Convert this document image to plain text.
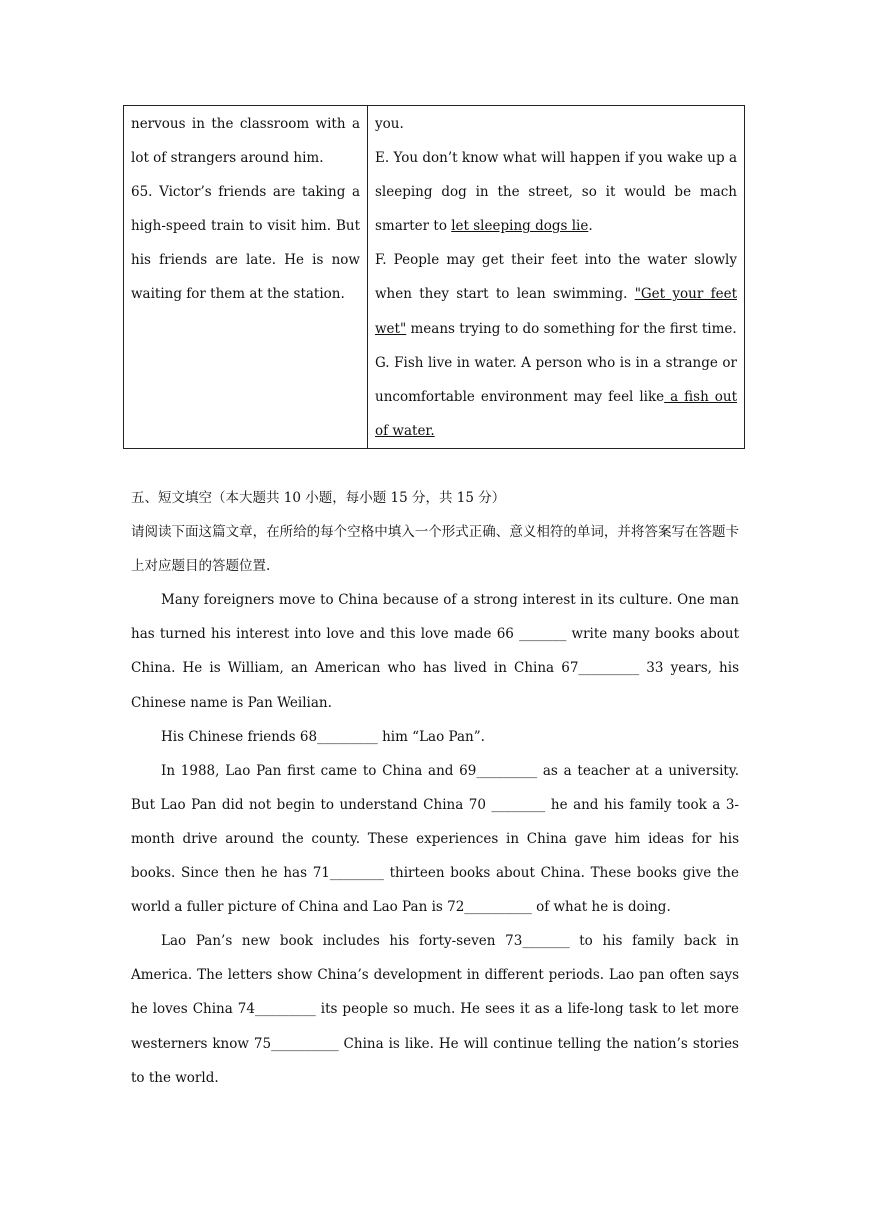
nervous in the classroom with a lot of strangers around him.
65. Victor’s friends are taking a high-speed train to visit him. But his friends are late. He is now waiting for them at the station.

you.
E. You don’t know what will happen if you wake up a sleeping dog in the street, so it would be mach smarter to let sleeping dogs lie.
F. People may get their feet into the water slowly when they start to lean swimming. "Get your feet wet" means trying to do something for the first time.
G. Fish live in water. A person who is in a strange or uncomfortable environment may feel like a fish out of water.

五、短文填空（本大题共 10 小题，每小题 15 分，共 15 分）

请阅读下面这篇文章，在所给的每个空格中填入一个形式正确、意义相符的单词，并将答案写在答题卡上对应题目的答题位置.

Many foreigners move to China because of a strong interest in its culture. One man has turned his interest into love and this love made 66 _______ write many books about China. He is William, an American who has lived in China 67_________ 33 years, his Chinese name is Pan Weilian.

His Chinese friends 68_________ him “Lao Pan”.

In 1988, Lao Pan first came to China and 69_________ as a teacher at a university. But Lao Pan did not begin to understand China 70 ________ he and his family took a 3-month drive around the county. These experiences in China gave him ideas for his books. Since then he has 71________ thirteen books about China. These books give the world a fuller picture of China and Lao Pan is 72__________ of what he is doing.

Lao Pan’s new book includes his forty-seven 73_______ to his family back in America. The letters show China’s development in different periods. Lao pan often says he loves China 74_________ its people so much. He sees it as a life-long task to let more westerners know 75__________ China is like. He will continue telling the nation’s stories to the world.
